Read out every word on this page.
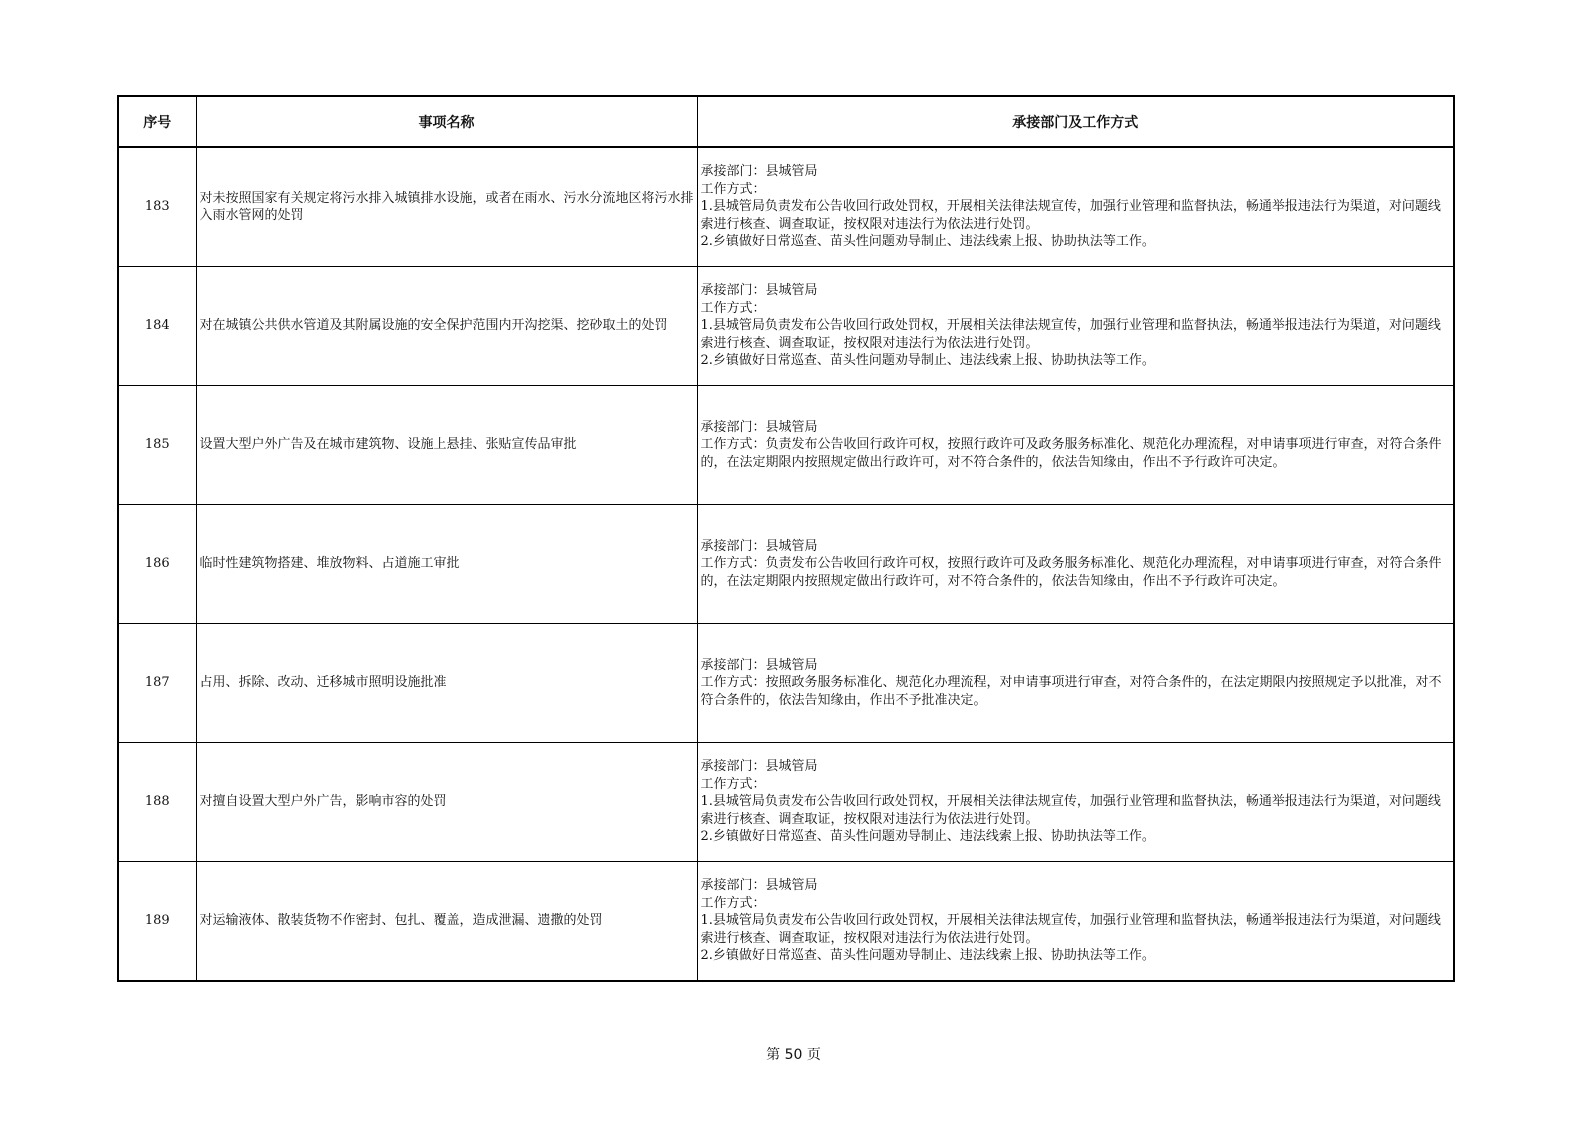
序号	事项名称	承接部门及工作方式
183	对未按照国家有关规定将污水排入城镇排水设施，或者在雨水、污水分流地区将污水排入雨水管网的处罚	承接部门：县城管局
工作方式：
1.县城管局负责发布公告收回行政处罚权，开展相关法律法规宣传，加强行业管理和监督执法，畅通举报违法行为渠道，对问题线索进行核查、调查取证，按权限对违法行为依法进行处罚。
2.乡镇做好日常巡查、苗头性问题劝导制止、违法线索上报、协助执法等工作。

184	对在城镇公共供水管道及其附属设施的安全保护范围内开沟挖渠、挖砂取土的处罚	承接部门：县城管局
工作方式：
1.县城管局负责发布公告收回行政处罚权，开展相关法律法规宣传，加强行业管理和监督执法，畅通举报违法行为渠道，对问题线索进行核查、调查取证，按权限对违法行为依法进行处罚。
2.乡镇做好日常巡查、苗头性问题劝导制止、违法线索上报、协助执法等工作。

185	设置大型户外广告及在城市建筑物、设施上悬挂、张贴宣传品审批	承接部门：县城管局
工作方式：负责发布公告收回行政许可权，按照行政许可及政务服务标准化、规范化办理流程，对申请事项进行审查，对符合条件的，在法定期限内按照规定做出行政许可，对不符合条件的，依法告知缘由，作出不予行政许可决定。

186	临时性建筑物搭建、堆放物料、占道施工审批	承接部门：县城管局
工作方式：负责发布公告收回行政许可权，按照行政许可及政务服务标准化、规范化办理流程，对申请事项进行审查，对符合条件的，在法定期限内按照规定做出行政许可，对不符合条件的，依法告知缘由，作出不予行政许可决定。

187	占用、拆除、改动、迁移城市照明设施批准	承接部门：县城管局
工作方式：按照政务服务标准化、规范化办理流程，对申请事项进行审查，对符合条件的，在法定期限内按照规定予以批准，对不符合条件的，依法告知缘由，作出不予批准决定。

188	对擅自设置大型户外广告，影响市容的处罚	承接部门：县城管局
工作方式：
1.县城管局负责发布公告收回行政处罚权，开展相关法律法规宣传，加强行业管理和监督执法，畅通举报违法行为渠道，对问题线索进行核查、调查取证，按权限对违法行为依法进行处罚。
2.乡镇做好日常巡查、苗头性问题劝导制止、违法线索上报、协助执法等工作。

189	对运输液体、散装货物不作密封、包扎、覆盖，造成泄漏、遗撒的处罚	承接部门：县城管局
工作方式：
1.县城管局负责发布公告收回行政处罚权，开展相关法律法规宣传，加强行业管理和监督执法，畅通举报违法行为渠道，对问题线索进行核查、调查取证，按权限对违法行为依法进行处罚。
2.乡镇做好日常巡查、苗头性问题劝导制止、违法线索上报、协助执法等工作。
第 50 页
